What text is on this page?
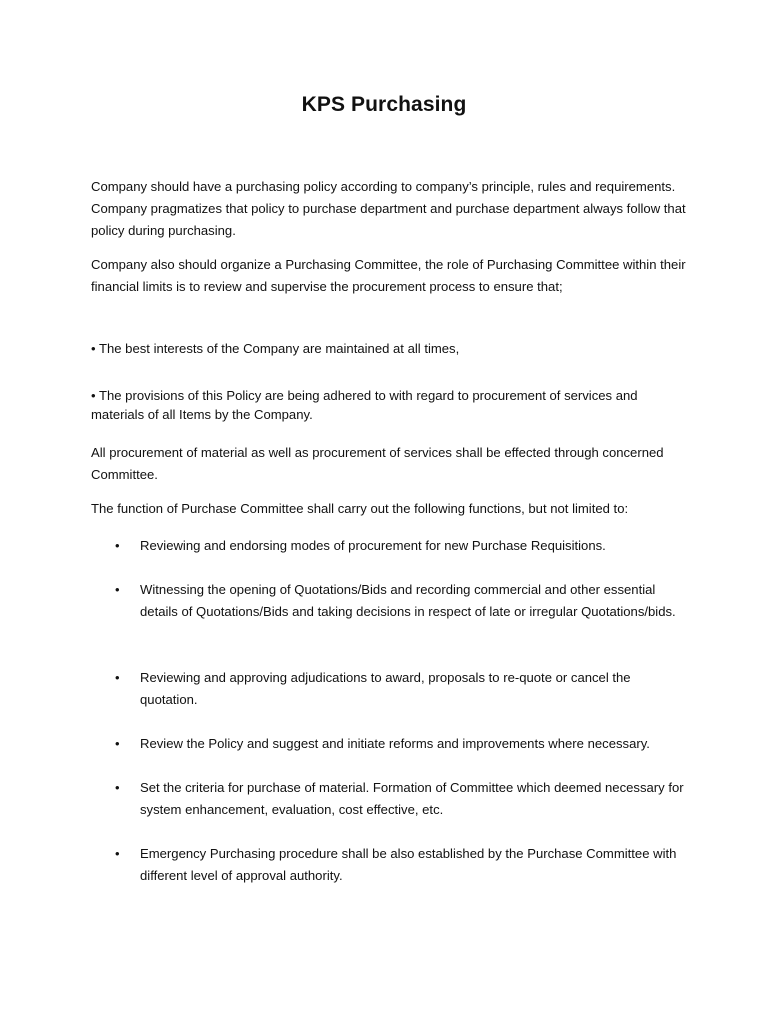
KPS Purchasing

Company should have a purchasing policy according to company’s principle, rules and requirements. Company pragmatizes that policy to purchase department and purchase department always follow that policy during purchasing.

Company also should organize a Purchasing Committee, the role of Purchasing Committee within their financial limits is to review and supervise the procurement process to ensure that;

• The best interests of the Company are maintained at all times,

• The provisions of this Policy are being adhered to with regard to procurement of services and materials of all Items by the Company.

All procurement of material as well as procurement of services shall be effected through concerned Committee.

The function of Purchase Committee shall carry out the following functions, but not limited to:

• Reviewing and endorsing modes of procurement for new Purchase Requisitions.
• Witnessing the opening of Quotations/Bids and recording commercial and other essential details of Quotations/Bids and taking decisions in respect of late or irregular Quotations/bids.
• Reviewing and approving adjudications to award, proposals to re-quote or cancel the quotation.
• Review the Policy and suggest and initiate reforms and improvements where necessary.
• Set the criteria for purchase of material. Formation of Committee which deemed necessary for system enhancement, evaluation, cost effective, etc.
• Emergency Purchasing procedure shall be also established by the Purchase Committee with different level of approval authority.
